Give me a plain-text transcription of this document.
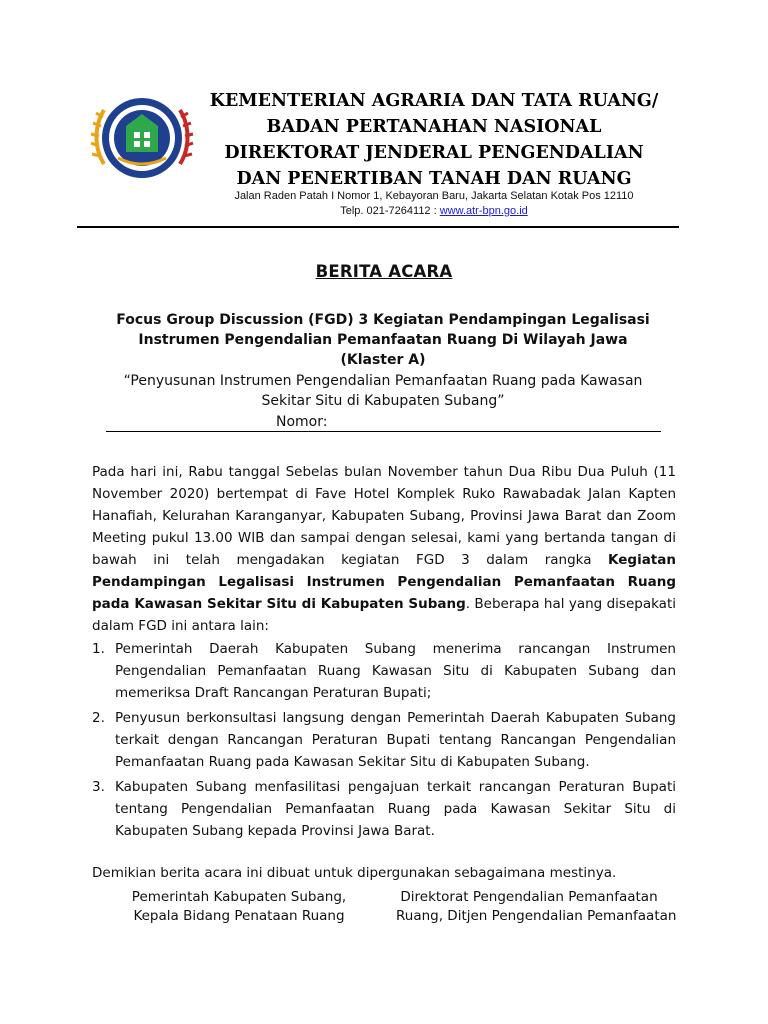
KEMENTERIAN AGRARIA DAN TATA RUANG/
BADAN PERTANAHAN NASIONAL
DIREKTORAT JENDERAL PENGENDALIAN
DAN PENERTIBAN TANAH DAN RUANG
Jalan Raden Patah I Nomor 1, Kebayoran Baru, Jakarta Selatan Kotak Pos 12110
Telp. 021-7264112 : www.atr-bpn.go.id
BERITA ACARA
Focus Group Discussion (FGD) 3 Kegiatan Pendampingan Legalisasi
Instrumen Pengendalian Pemanfaatan Ruang Di Wilayah Jawa
(Klaster A)
“Penyusunan Instrumen Pengendalian Pemanfaatan Ruang pada Kawasan
Sekitar Situ di Kabupaten Subang”
Nomor:
Pada hari ini, Rabu tanggal Sebelas bulan November tahun Dua Ribu Dua Puluh (11 November 2020) bertempat di Fave Hotel Komplek Ruko Rawabadak Jalan Kapten Hanafiah, Kelurahan Karanganyar, Kabupaten Subang, Provinsi Jawa Barat dan Zoom Meeting pukul 13.00 WIB dan sampai dengan selesai, kami yang bertanda tangan di bawah ini telah mengadakan kegiatan FGD 3 dalam rangka Kegiatan Pendampingan Legalisasi Instrumen Pengendalian Pemanfaatan Ruang pada Kawasan Sekitar Situ di Kabupaten Subang. Beberapa hal yang disepakati dalam FGD ini antara lain:
1. Pemerintah Daerah Kabupaten Subang menerima rancangan Instrumen Pengendalian Pemanfaatan Ruang Kawasan Situ di Kabupaten Subang dan memeriksa Draft Rancangan Peraturan Bupati;
2. Penyusun berkonsultasi langsung dengan Pemerintah Daerah Kabupaten Subang terkait dengan Rancangan Peraturan Bupati tentang Rancangan Pengendalian Pemanfaatan Ruang pada Kawasan Sekitar Situ di Kabupaten Subang.
3. Kabupaten Subang menfasilitasi pengajuan terkait rancangan Peraturan Bupati tentang Pengendalian Pemanfaatan Ruang pada Kawasan Sekitar Situ di Kabupaten Subang kepada Provinsi Jawa Barat.
Demikian berita acara ini dibuat untuk dipergunakan sebagaimana mestinya.
Pemerintah Kabupaten Subang,
Kepala Bidang Penataan Ruang
Direktorat Pengendalian Pemanfaatan
Ruang, Ditjen Pengendalian Pemanfaatan
